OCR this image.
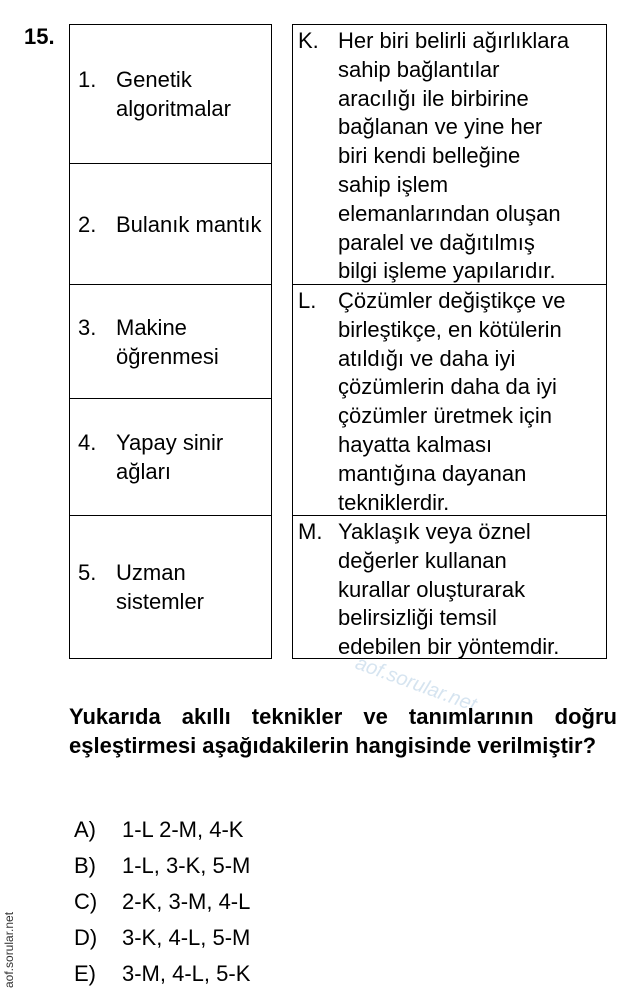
15.
1. Genetik algoritmalar
2. Bulanık mantık
3. Makine öğrenmesi
4. Yapay sinir ağları
5. Uzman sistemler
K. Her biri belirli ağırlıklara
sahip bağlantılar
aracılığı ile birbirine
bağlanan ve yine her
biri kendi belleğine
sahip işlem
elemanlarından oluşan
paralel ve dağıtılmış
bilgi işleme yapılarıdır.
L. Çözümler değiştikçe ve
birleştikçe, en kötülerin
atıldığı ve daha iyi
çözümlerin daha da iyi
çözümler üretmek için
hayatta kalması
mantığına dayanan
teknikler​dir.
M. Yaklaşık veya öznel
değerler kullanan
kurallar oluşturarak
belirsizliği temsil
edebilen bir yöntemdir.
aof.sorular.net
Yukarıda akıllı teknikler ve tanımlarının doğru eşleştirmesi aşağıdakilerin hangisinde verilmiştir?
A)	1-L 2-M, 4-K
B)	1-L, 3-K, 5-M
C)	2-K, 3-M, 4-L
D)	3-K, 4-L, 5-M
E)	3-M, 4-L, 5-K
aof.sorular.net
